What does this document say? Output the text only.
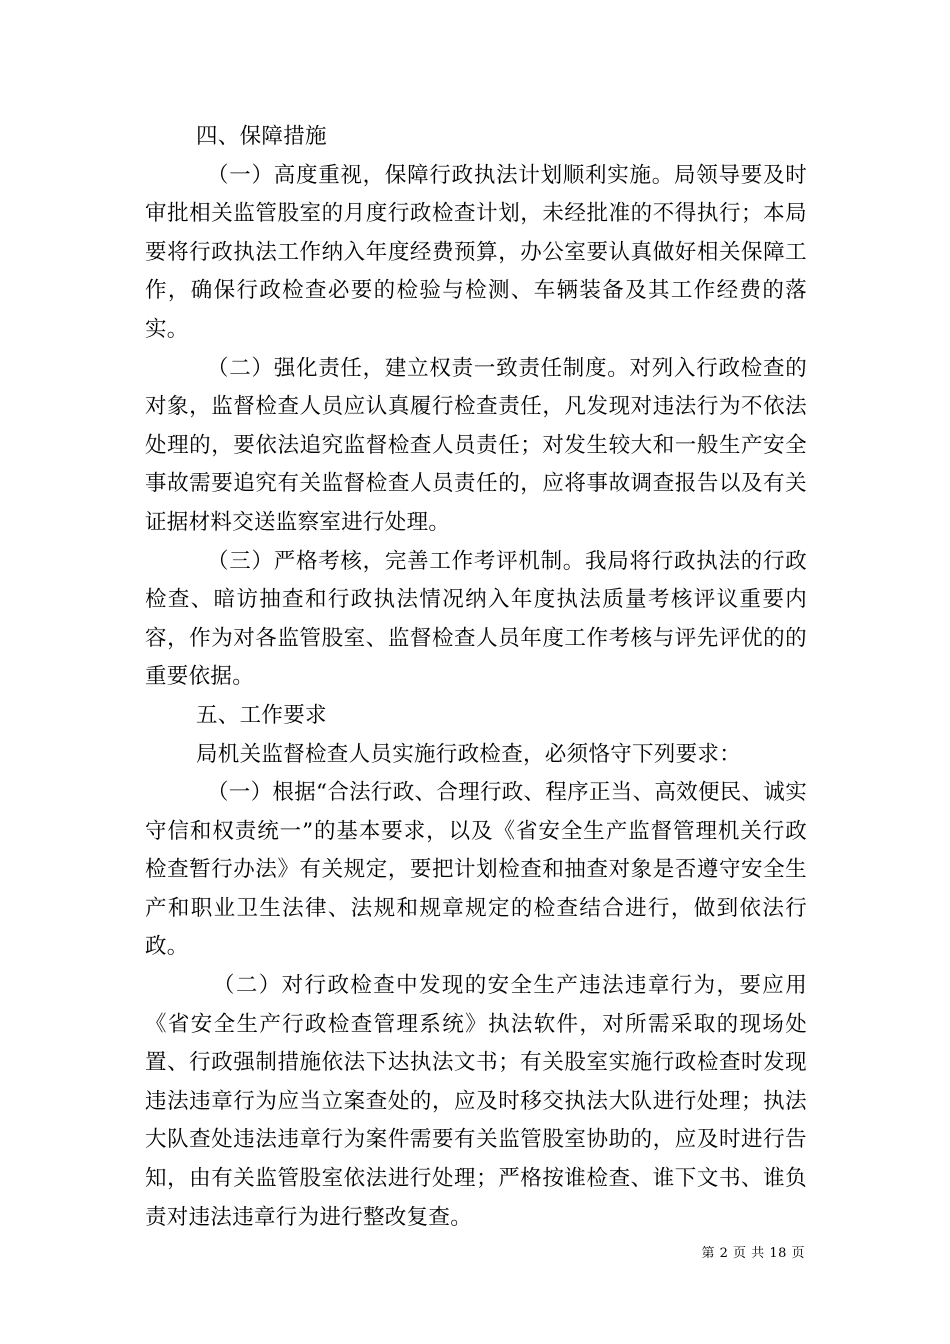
四、保障措施

（一）高度重视，保障行政执法计划顺利实施。局领导要及时审批相关监管股室的月度行政检查计划，未经批准的不得执行；本局要将行政执法工作纳入年度经费预算，办公室要认真做好相关保障工作，确保行政检查必要的检验与检测、车辆装备及其工作经费的落实。

（二）强化责任，建立权责一致责任制度。对列入行政检查的对象，监督检查人员应认真履行检查责任，凡发现对违法行为不依法处理的，要依法追究监督检查人员责任；对发生较大和一般生产安全事故需要追究有关监督检查人员责任的，应将事故调查报告以及有关证据材料交送监察室进行处理。

（三）严格考核，完善工作考评机制。我局将行政执法的行政检查、暗访抽查和行政执法情况纳入年度执法质量考核评议重要内容，作为对各监管股室、监督检查人员年度工作考核与评先评优的的重要依据。

五、工作要求

局机关监督检查人员实施行政检查，必须恪守下列要求：

（一）根据“合法行政、合理行政、程序正当、高效便民、诚实守信和权责统一”的基本要求，以及《省安全生产监督管理机关行政检查暂行办法》有关规定，要把计划检查和抽查对象是否遵守安全生产和职业卫生法律、法规和规章规定的检查结合进行，做到依法行政。

（二）对行政检查中发现的安全生产违法违章行为，要应用《省安全生产行政检查管理系统》执法软件，对所需采取的现场处置、行政强制措施依法下达执法文书；有关股室实施行政检查时发现违法违章行为应当立案查处的，应及时移交执法大队进行处理；执法大队查处违法违章行为案件需要有关监管股室协助的，应及时进行告知，由有关监管股室依法进行处理；严格按谁检查、谁下文书、谁负责对违法违章行为进行整改复查。

第 2 页 共 18 页
